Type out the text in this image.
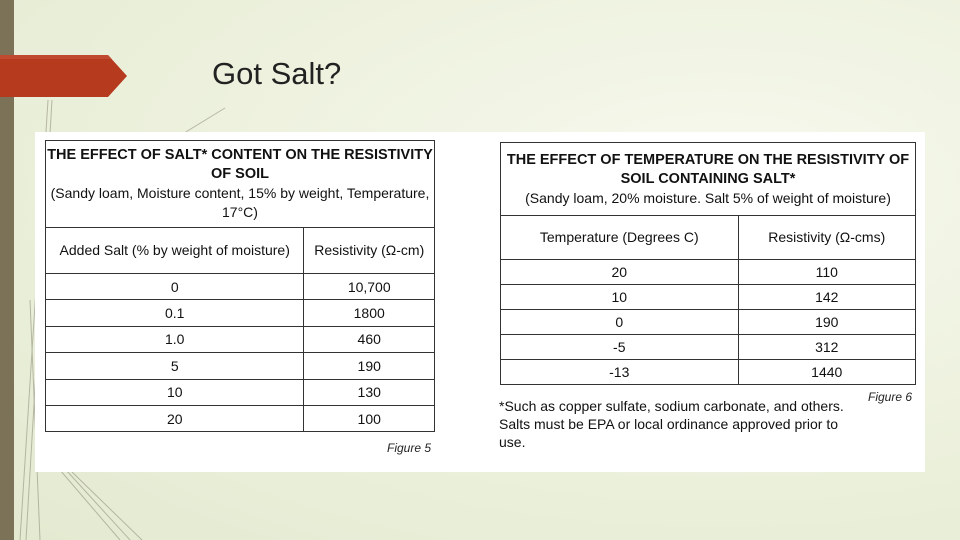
Got Salt?
THE EFFECT OF SALT* CONTENT ON THE RESISTIVITY OF SOIL
(Sandy loam, Moisture content, 15% by weight, Temperature, 17°C)	

Added Salt (% by weight of moisture)	Resistivity (Ω-cm)
0	10,700
0.1	1800
1.0	460
5	190
10	130
20	100
Figure 5
THE EFFECT OF TEMPERATURE ON THE RESISTIVITY OF SOIL CONTAINING SALT*
(Sandy loam, 20% moisture. Salt 5% of weight of moisture)	

Temperature (Degrees C)	Resistivity (Ω-cms)
20	110
10	142
0	190
-5	312
-13	1440
Figure 6
*Such as copper sulfate, sodium carbonate, and others. Salts must be EPA or local ordinance approved prior to use.
